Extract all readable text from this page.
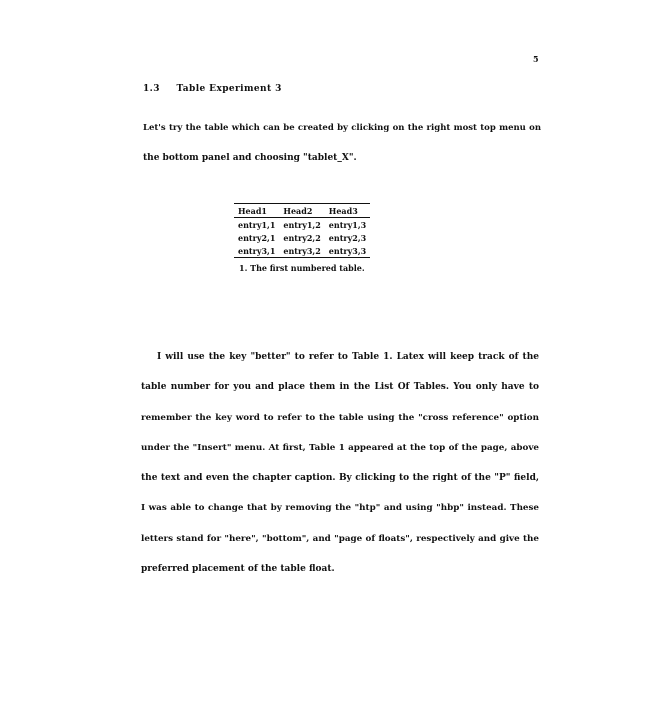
5
1.3 Table Experiment 3

Let's try the table which can be created by clicking on the right most top menu on
the bottom panel and choosing "tablet_X".

Head1	Head2	Head3
entry1,1	entry1,2	entry1,3
entry2,1	entry2,2	entry2,3
entry3,1	entry3,2	entry3,3
1. The first numbered table.

I will use the key "better" to refer to Table 1. Latex will keep track of the
table number for you and place them in the List Of Tables. You only have to
remember the key word to refer to the table using the "cross reference" option
under the "Insert" menu. At first, Table 1 appeared at the top of the page, above
the text and even the chapter caption. By clicking to the right of the "P" field,
I was able to change that by removing the "htp" and using "hbp" instead. These
letters stand for "here", "bottom", and "page of floats", respectively and give the
preferred placement of the table float.
